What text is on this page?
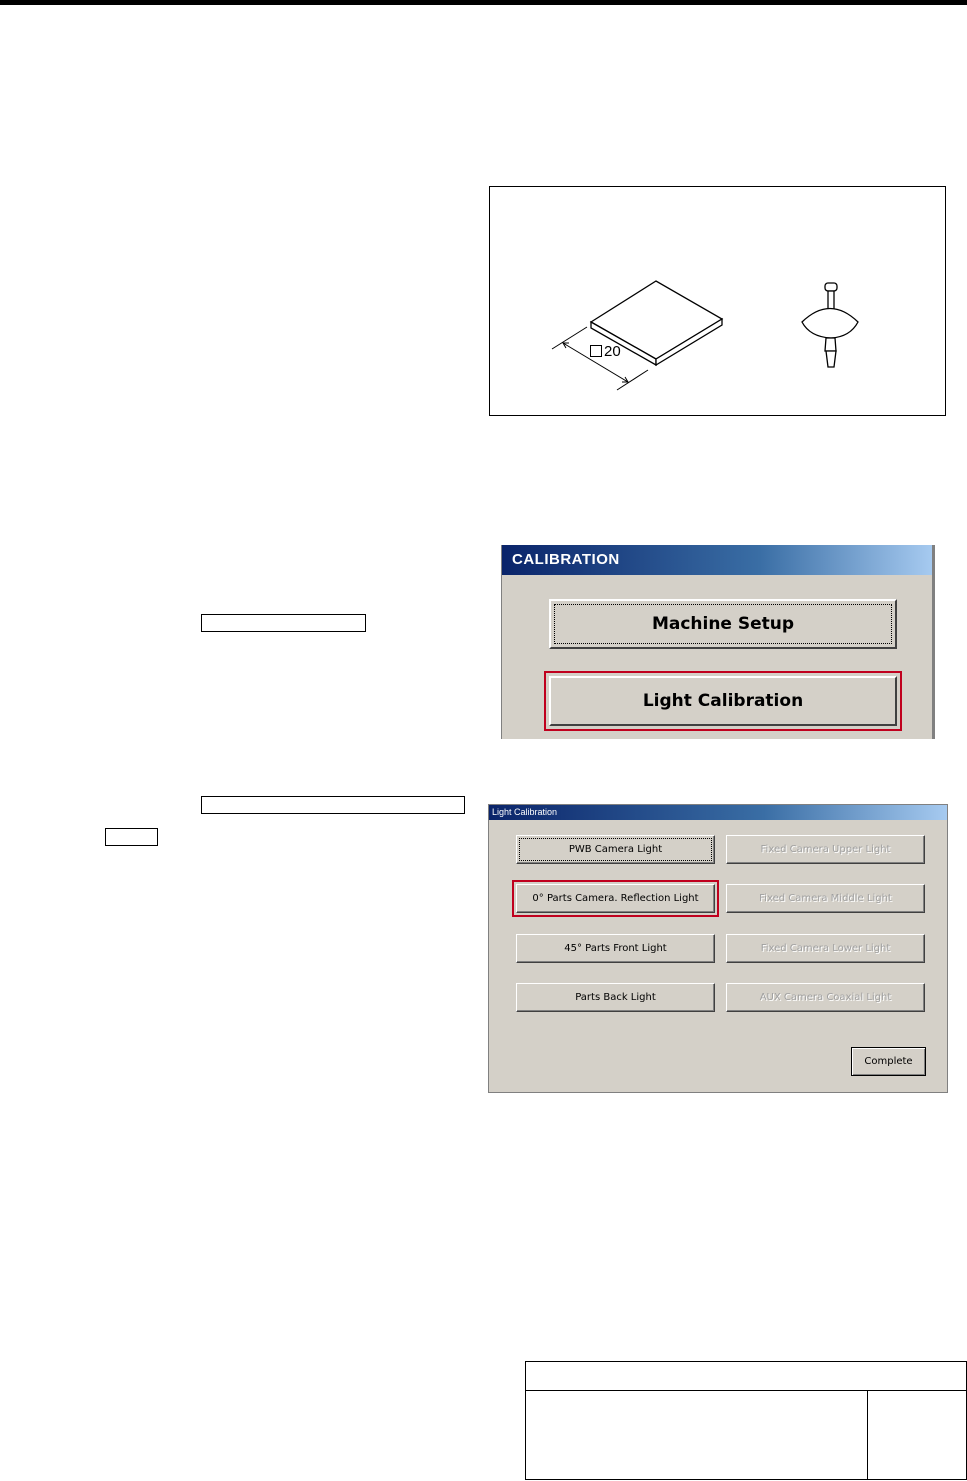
20
CALIBRATION
Machine Setup
Light Calibration
Light Calibration
PWB Camera Light
0° Parts Camera. Reflection Light
45° Parts Front Light
Parts Back Light
Fixed Camera Upper Light
Fixed Camera Middle Light
Fixed Camera Lower Light
AUX Camera Coaxial Light
Complete
